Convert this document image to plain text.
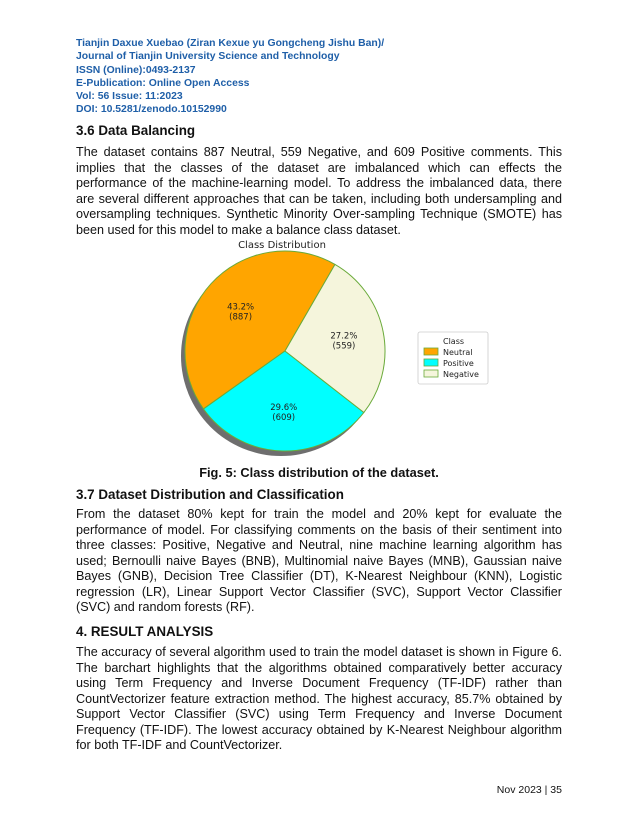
Tianjin Daxue Xuebao (Ziran Kexue yu Gongcheng Jishu Ban)/
Journal of Tianjin University Science and Technology
ISSN (Online):0493-2137
E-Publication: Online Open Access
Vol: 56 Issue: 11:2023
DOI: 10.5281/zenodo.10152990
3.6 Data Balancing

The dataset contains 887 Neutral, 559 Negative, and 609 Positive comments. This implies that the classes of the dataset are imbalanced which can effects the performance of the machine-learning model. To address the imbalanced data, there are several different approaches that can be taken, including both undersampling and oversampling techniques. Synthetic Minority Over-sampling Technique (SMOTE) has been used for this model to make a balance class dataset.

Class Distribution
43.2%
(887)
29.6%
(609)
27.2%
(559)	Class
Neutral
Positive
Negative
Fig. 5: Class distribution of the dataset.
3.7 Dataset Distribution and Classification

From the dataset 80% kept for train the model and 20% kept for evaluate the performance of model. For classifying comments on the basis of their sentiment into three classes: Positive, Negative and Neutral, nine machine learning algorithm has used; Bernoulli naive Bayes (BNB), Multinomial naive Bayes (MNB), Gaussian naive Bayes (GNB), Decision Tree Classifier (DT), K-Nearest Neighbour (KNN), Logistic regression (LR), Linear Support Vector Classifier (SVC), Support Vector Classifier (SVC) and random forests (RF).

4. RESULT ANALYSIS

The accuracy of several algorithm used to train the model dataset is shown in Figure 6. The barchart highlights that the algorithms obtained comparatively better accuracy using Term Frequency and Inverse Document Frequency (TF-IDF) rather than CountVectorizer feature extraction method. The highest accuracy, 85.7% obtained by Support Vector Classifier (SVC) using Term Frequency and Inverse Document Frequency (TF-IDF). The lowest accuracy obtained by K-Nearest Neighbour algorithm for both TF-IDF and CountVectorizer.

Nov 2023 | 35
